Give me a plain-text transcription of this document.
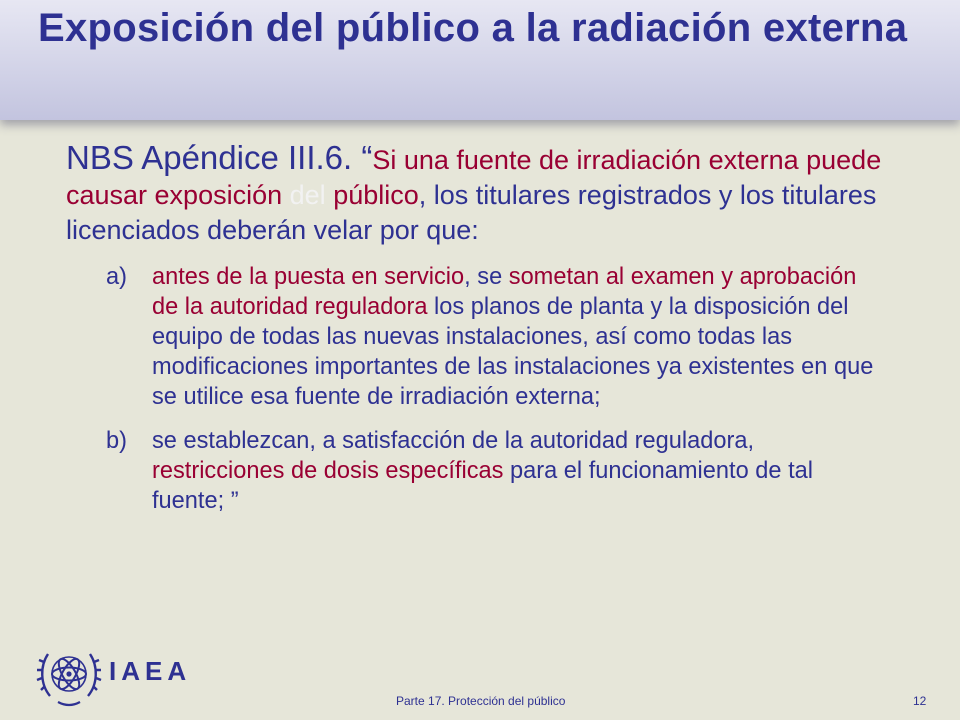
Exposición del público a la radiación externa

NBS Apéndice III.6. “Si una fuente de irradiación externa puede causar exposición del público, los titulares registrados y los titulares licenciados deberán velar por que:

a) antes de la puesta en servicio, se sometan al examen y aprobación de la autoridad reguladora los planos de planta y la disposición del equipo de todas las nuevas instalaciones, así como todas las modificaciones importantes de las instalaciones ya existentes en que se utilice esa fuente de irradiación externa;
b) se establezcan, a satisfacción de la autoridad reguladora, restricciones de dosis específicas para el funcionamiento de tal fuente; ”
IAEA
Parte 17. Protección del público	12
